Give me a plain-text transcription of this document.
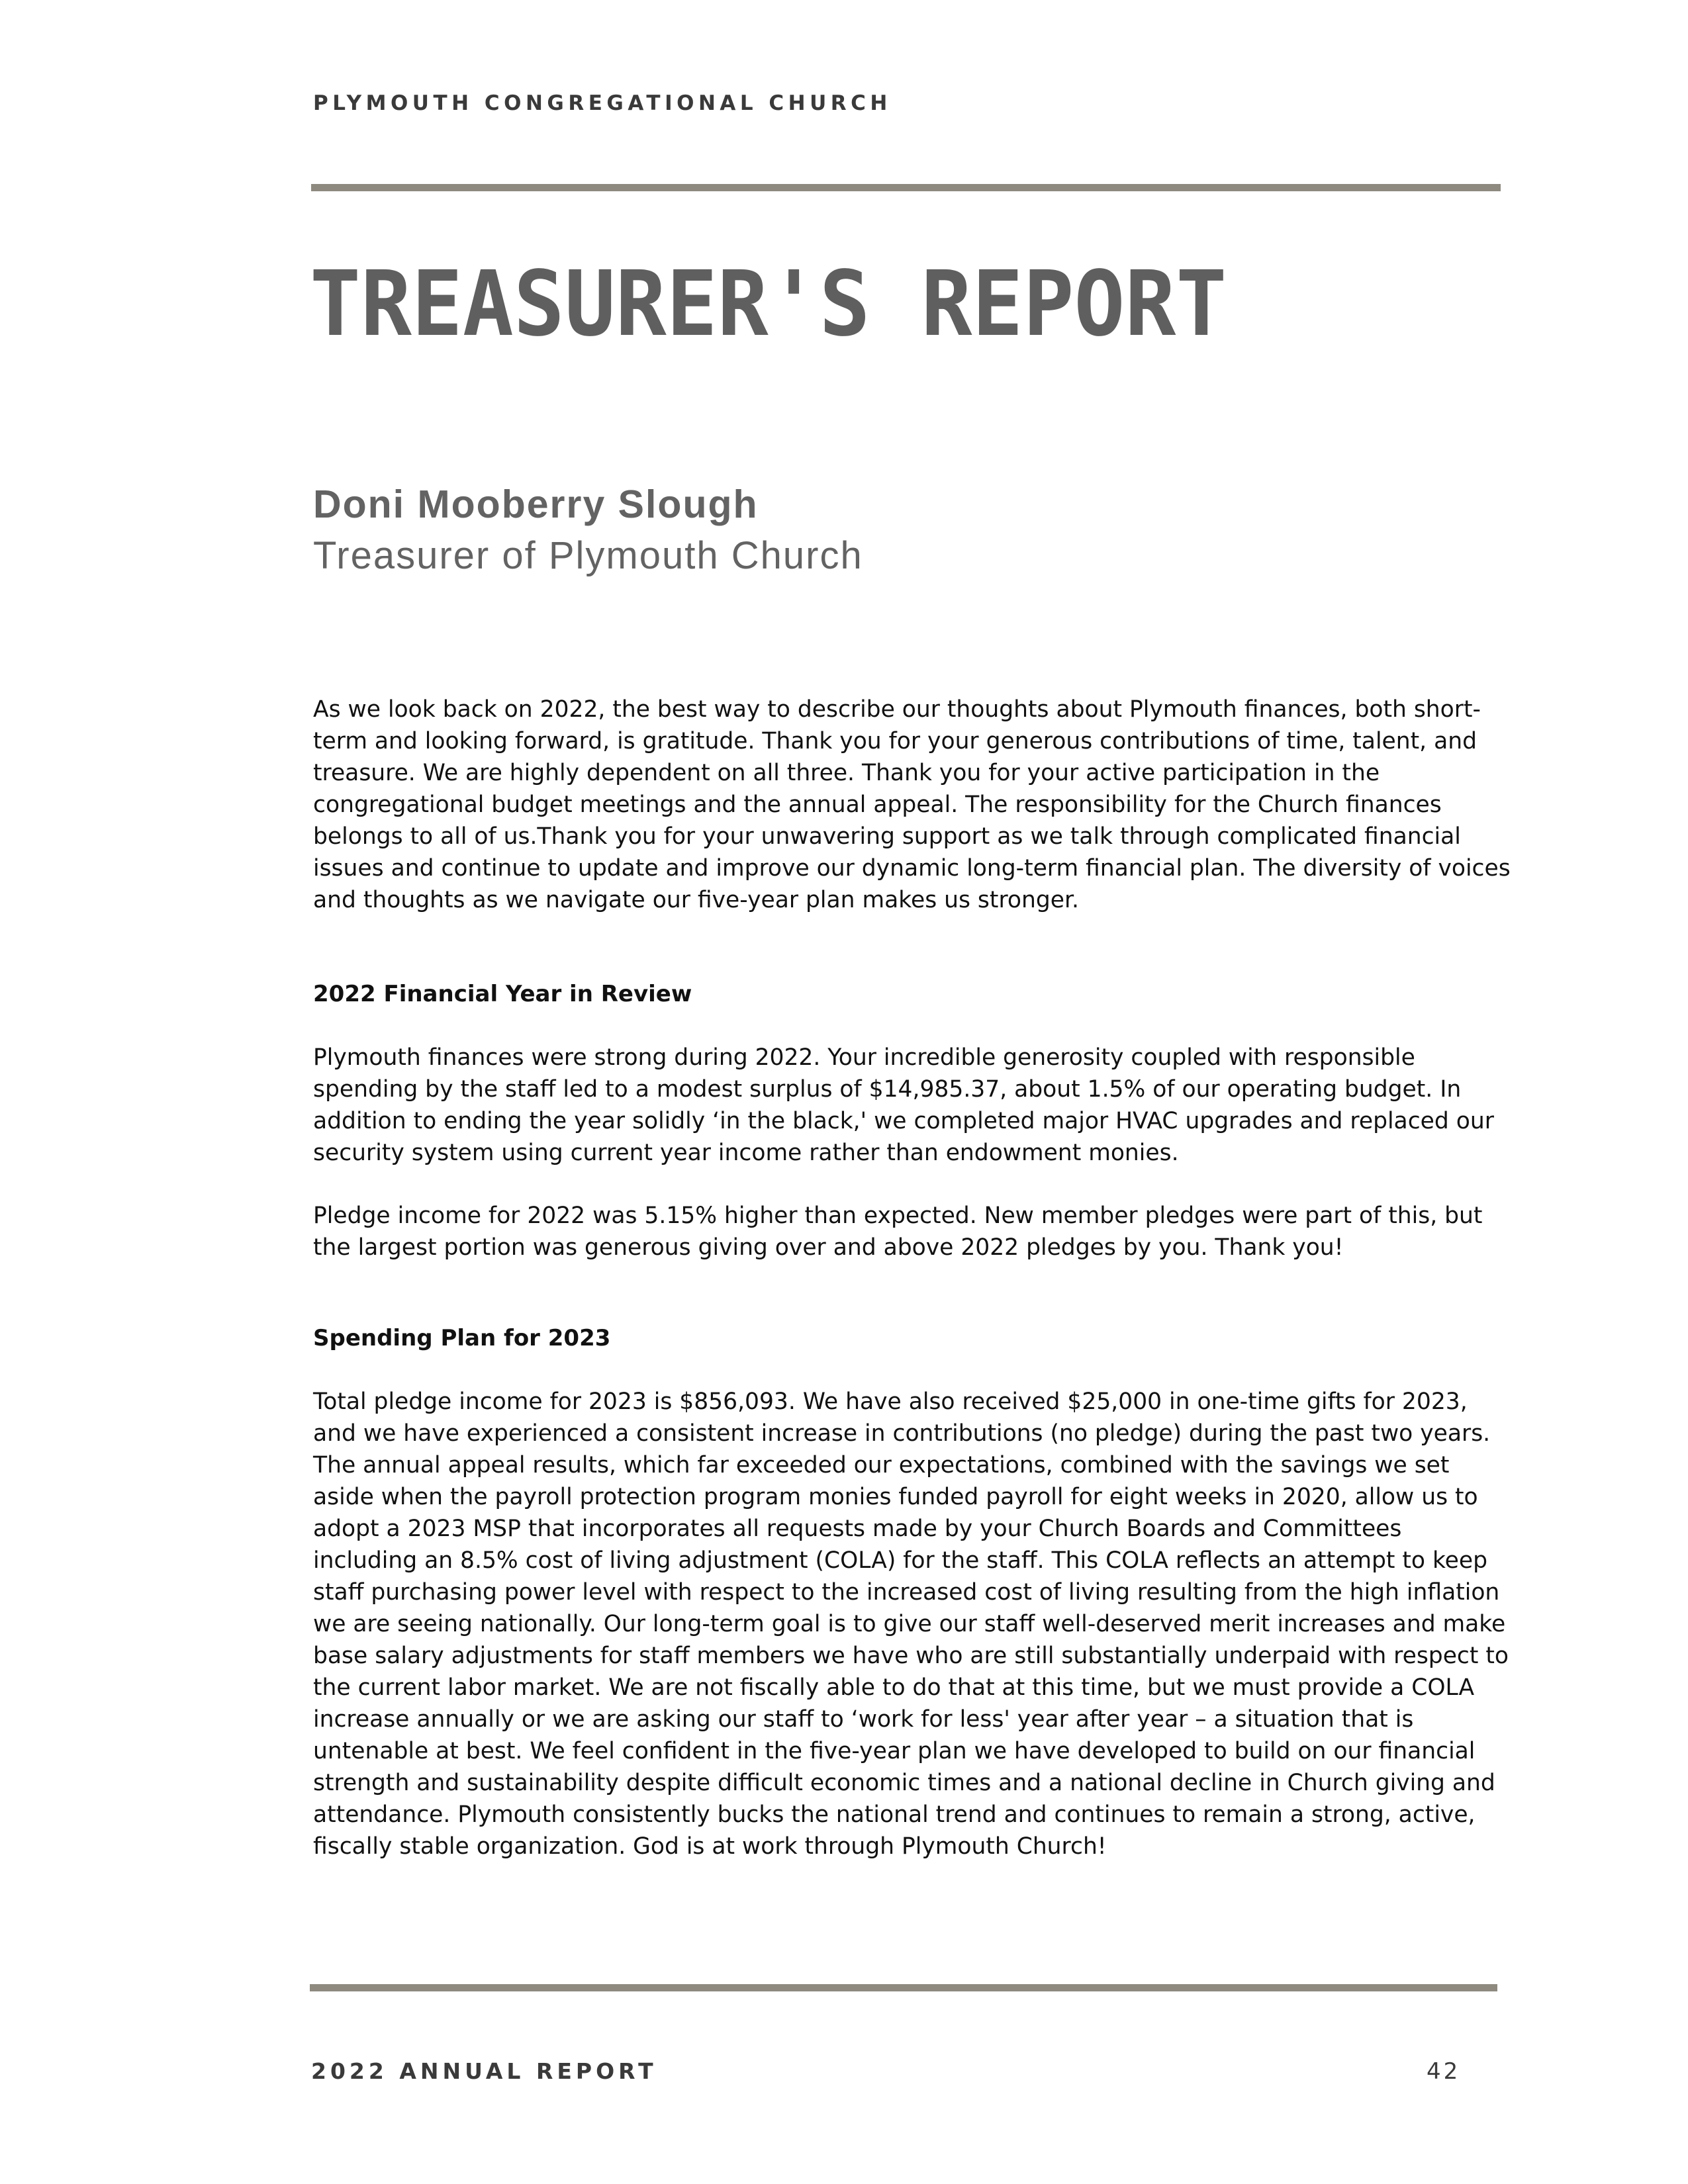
PLYMOUTH CONGREGATIONAL CHURCH
TREASURER'S REPORT
Doni Mooberry Slough
Treasurer of Plymouth Church

As we look back on 2022, the best way to describe our thoughts about Plymouth finances, both short-term and looking forward, is gratitude. Thank you for your generous contributions of time, talent, and treasure. We are highly dependent on all three. Thank you for your active participation in the congregational budget meetings and the annual appeal. The responsibility for the Church finances belongs to all of us.Thank you for your unwavering support as we talk through complicated financial issues and continue to update and improve our dynamic long-term financial plan. The diversity of voices and thoughts as we navigate our five-year plan makes us stronger.

2022 Financial Year in Review

Plymouth finances were strong during 2022. Your incredible generosity coupled with responsible spending by the staff led to a modest surplus of $14,985.37, about 1.5% of our operating budget. In addition to ending the year solidly ‘in the black,' we completed major HVAC upgrades and replaced our security system using current year income rather than endowment monies.

Pledge income for 2022 was 5.15% higher than expected. New member pledges were part of this, but the largest portion was generous giving over and above 2022 pledges by you. Thank you!

Spending Plan for 2023

Total pledge income for 2023 is $856,093. We have also received $25,000 in one-time gifts for 2023, and we have experienced a consistent increase in contributions (no pledge) during the past two years. The annual appeal results, which far exceeded our expectations, combined with the savings we set aside when the payroll protection program monies funded payroll for eight weeks in 2020, allow us to adopt a 2023 MSP that incorporates all requests made by your Church Boards and Committees including an 8.5% cost of living adjustment (COLA) for the staff. This COLA reflects an attempt to keep staff purchasing power level with respect to the increased cost of living resulting from the high inflation we are seeing nationally. Our long-term goal is to give our staff well-deserved merit increases and make base salary adjustments for staff members we have who are still substantially underpaid with respect to the current labor market. We are not fiscally able to do that at this time, but we must provide a COLA increase annually or we are asking our staff to ‘work for less' year after year – a situation that is untenable at best. We feel confident in the five-year plan we have developed to build on our financial strength and sustainability despite difficult economic times and a national decline in Church giving and attendance. Plymouth consistently bucks the national trend and continues to remain a strong, active, fiscally stable organization. God is at work through Plymouth Church!

2022 ANNUAL REPORT	42
